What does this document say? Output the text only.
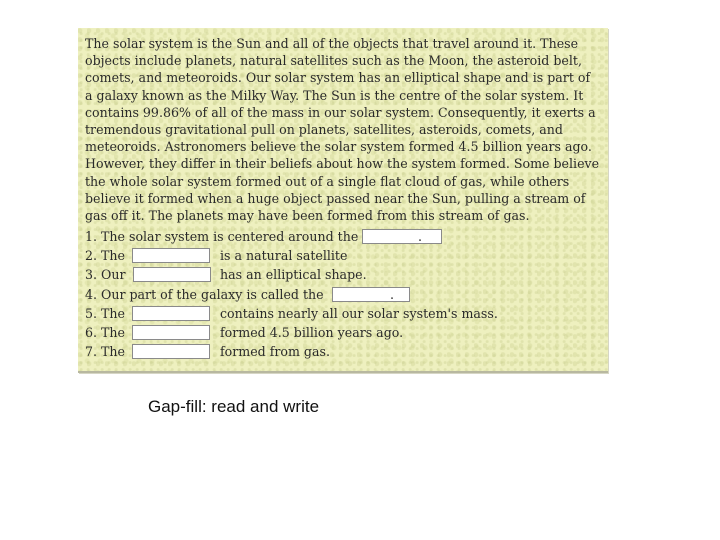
The solar system is the Sun and all of the objects that travel around it. These objects include planets, natural satellites such as the Moon, the asteroid belt, comets, and meteoroids. Our solar system has an elliptical shape and is part of a galaxy known as the Milky Way. The Sun is the centre of the solar system. It contains 99.86% of all of the mass in our solar system. Consequently, it exerts a tremendous gravitational pull on planets, satellites, asteroids, comets, and meteoroids. Astronomers believe the solar system formed 4.5 billion years ago. However, they differ in their beliefs about how the system formed. Some believe the whole solar system formed out of a single flat cloud of gas, while others believe it formed when a huge object passed near the Sun, pulling a stream of gas off it. The planets may have been formed from this stream of gas.

1. The solar system is centered around the	.
2. The	is a natural satellite
3. Our	has an elliptical shape.
4. Our part of the galaxy is called the	.
5. The	contains nearly all our solar system's mass.
6. The	formed 4.5 billion years ago.
7. The	formed from gas.
Gap-fill: read and write
